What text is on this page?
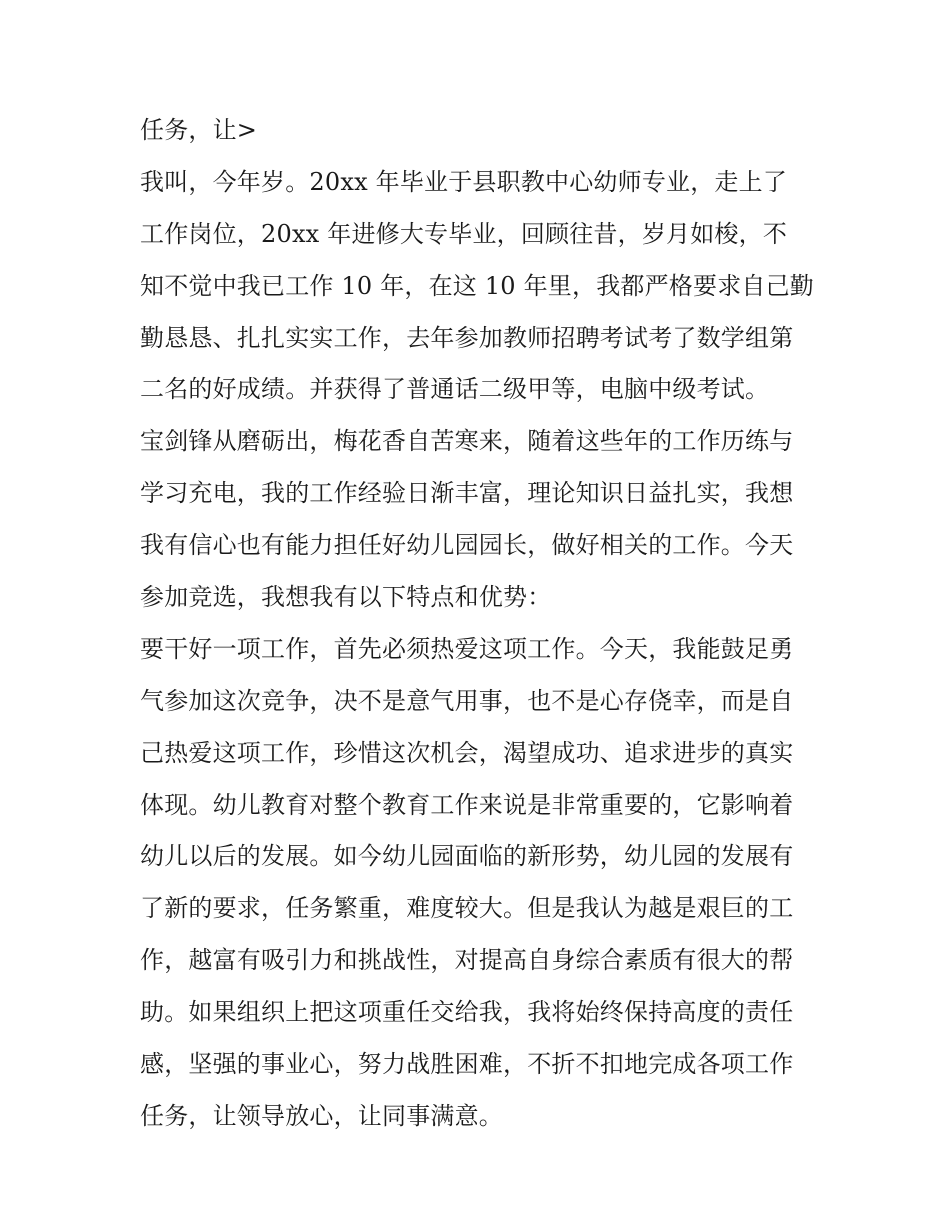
任务，让>
我叫，今年岁。20xx 年毕业于县职教中心幼师专业，走上了
工作岗位，20xx 年进修大专毕业，回顾往昔，岁月如梭，不
知不觉中我已工作 10 年，在这 10 年里，我都严格要求自己勤
勤恳恳、扎扎实实工作，去年参加教师招聘考试考了数学组第
二名的好成绩。并获得了普通话二级甲等，电脑中级考试。
宝剑锋从磨砺出，梅花香自苦寒来，随着这些年的工作历练与
学习充电，我的工作经验日渐丰富，理论知识日益扎实，我想
我有信心也有能力担任好幼儿园园长，做好相关的工作。今天
参加竞选，我想我有以下特点和优势：
要干好一项工作，首先必须热爱这项工作。今天，我能鼓足勇
气参加这次竞争，决不是意气用事，也不是心存侥幸，而是自
己热爱这项工作，珍惜这次机会，渴望成功、追求进步的真实
体现。幼儿教育对整个教育工作来说是非常重要的，它影响着
幼儿以后的发展。如今幼儿园面临的新形势，幼儿园的发展有
了新的要求，任务繁重，难度较大。但是我认为越是艰巨的工
作，越富有吸引力和挑战性，对提高自身综合素质有很大的帮
助。如果组织上把这项重任交给我，我将始终保持高度的责任
感，坚强的事业心，努力战胜困难，不折不扣地完成各项工作
任务，让领导放心，让同事满意。
